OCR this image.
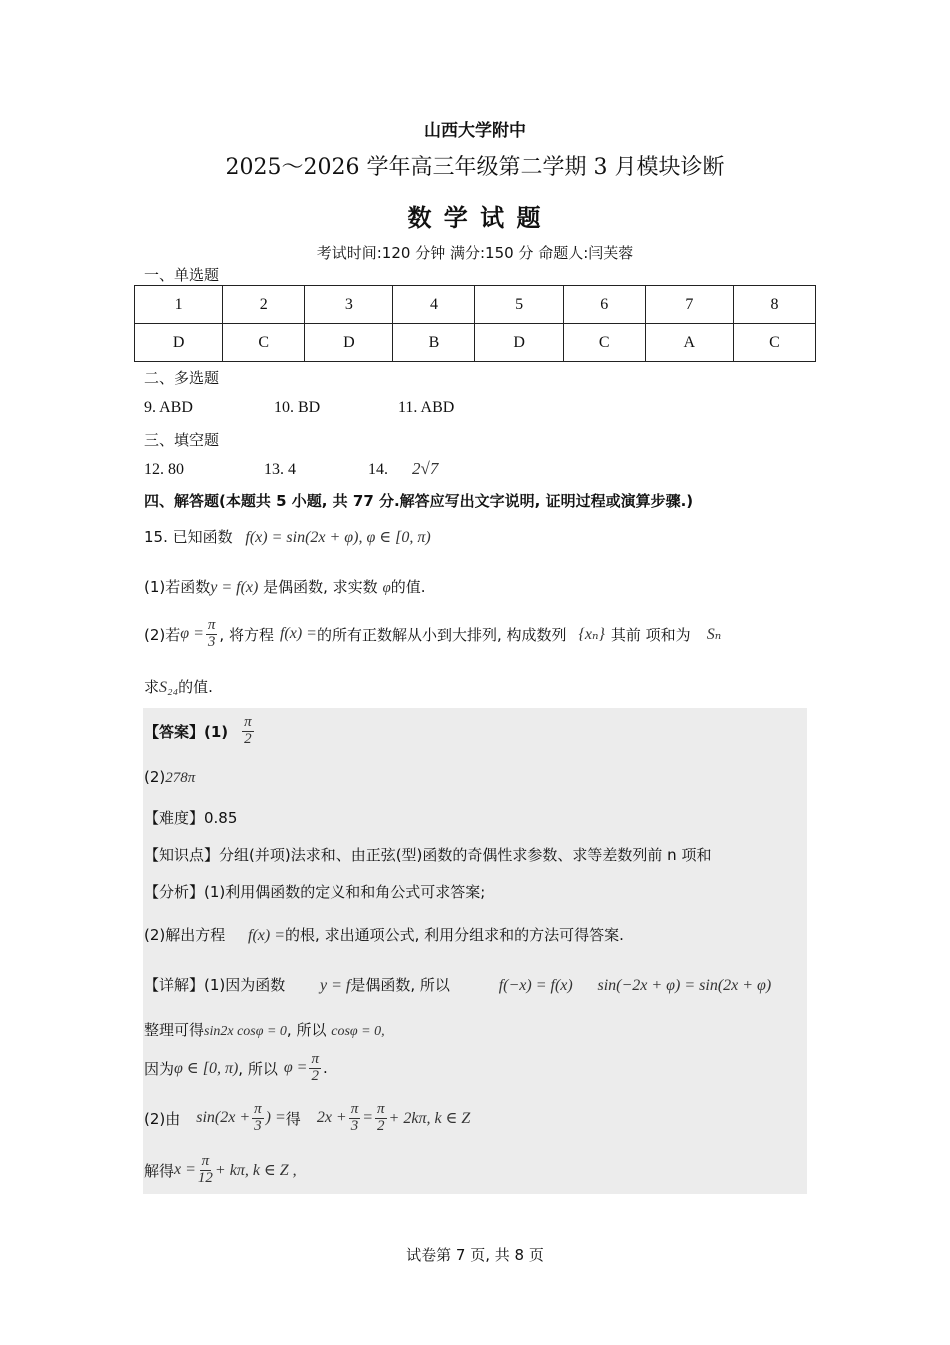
山西大学附中
2025～2026 学年高三年级第二学期 3 月模块诊断
数 学 试 题
考试时间:120 分钟 满分:150 分 命题人:闫芙蓉
一、单选题
1	2	3	4	5	6	7	8
D	C	D	B	D	C	A	C
二、多选题
9. ABD	10. BD	11. ABD
三、填空题
12. 80	13. 4	14. 2√7
四、解答题(本题共 5 小题, 共 77 分.解答应写出文字说明, 证明过程或演算步骤.)
15. 已知函数 f(x) = sin(2x + φ), φ ∈ [0, π)
(1)若函数y = f(x) 是偶函数, 求实数 φ的值.
(2)若 $\varphi = \frac{\pi}{3}$ , 将方程 f(x) = 的所有正数解从小到大排列, 构成数列 {xₙ} 其前 项和为 Sₙ
求S₂₄的值.
【答案】$(1) \frac{\pi}{2}$
(2)278π
【难度】0.85
【知识点】分组(并项)法求和、由正弦(型)函数的奇偶性求参数、求等差数列前 n 项和
【分析】(1)利用偶函数的定义和和角公式可求答案;
(2)解出方程 f(x) =的根, 求出通项公式, 利用分组求和的方法可得答案.
【详解】(1)因为函数 y = f是偶函数, 所以	f(−x) = f(x) sin(−2x + φ) = sin(2x + φ)
整理可得sin2x cosφ = 0, 所以 cosφ = 0,
因为 φ ∈ [0, π) , 所以 $\varphi = \frac{\pi}{2}$ .
(2)由 $\sin(2x + \frac{\pi}{3}$ ) = 得 $2x + \frac{\pi}{3} = \frac{\pi}{2} + 2k\pi$, k ∈ Z
解得 $x = \frac{\pi}{12} + k\pi$, k ∈ Z ,
试卷第 7 页, 共 8 页
